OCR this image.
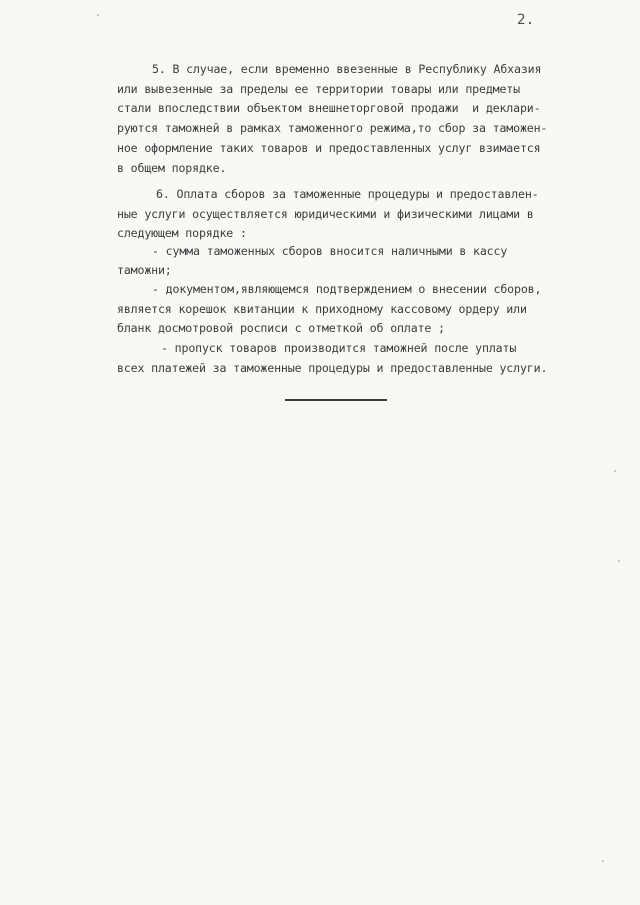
2.
5. В случае, если временно ввезенные в Республику Абхазия
или вывезенные за пределы ее территории товары или предметы
стали впоследствии объектом внешнеторговой продажи  и деклари-
руются таможней в рамках таможенного режима,то сбор за таможен-
ное оформление таких товаров и предоставленных услуг взимается
в общем порядке.
6. Оплата сборов за таможенные процедуры и предоставлен-
ные услуги осуществляется юридическими и физическими лицами в
следующем порядке :
- сумма таможенных сборов вносится наличными в кассу
таможни;
- документом,являющемся подтверждением о внесении сборов,
является корешок квитанции к приходному кассовому ордеру или
бланк досмотровой росписи с отметкой об оплате ;
- пропуск товаров производится таможней после уплаты
всех платежей за таможенные процедуры и предоставленные услуги.
